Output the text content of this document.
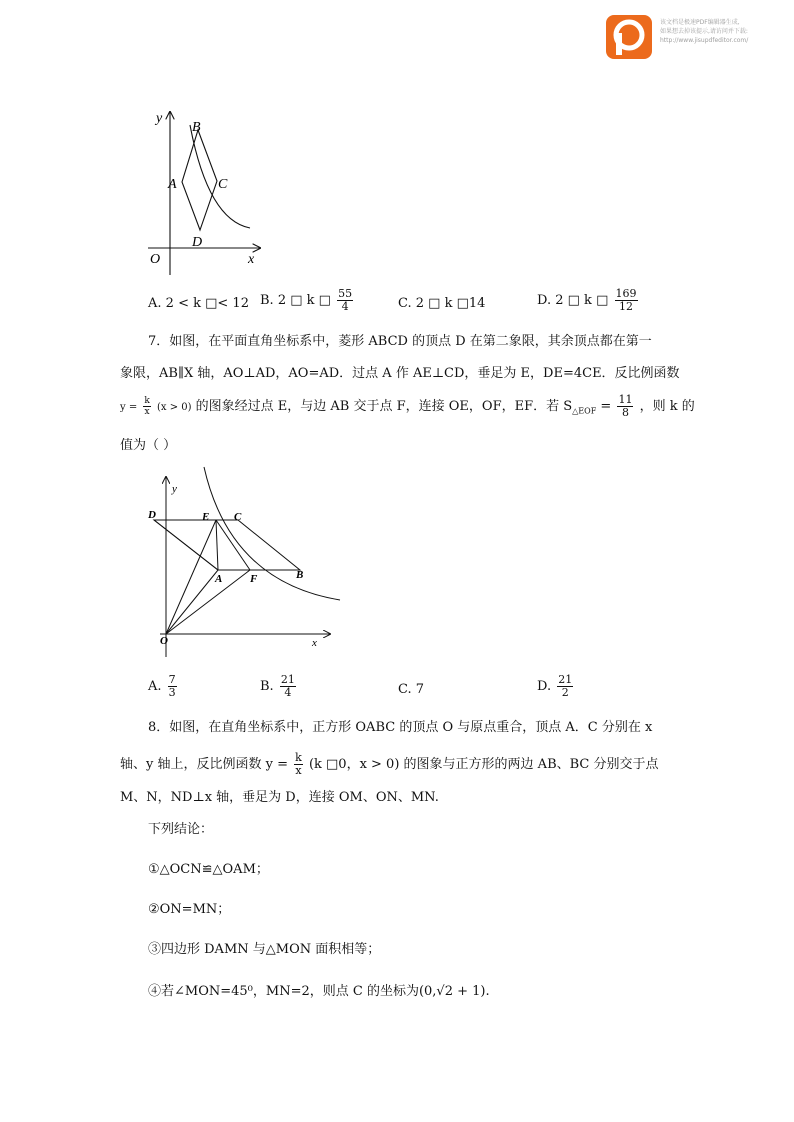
该文档是极速PDF编辑器生成,
如果想去掉该提示,请访问并下载:
http://www.jisupdfeditor.com/
y
B
A	C
D
O	x
A. 2 < k □< 12 B. 2 □ k □ $\frac{55}{4}$	C. 2 □ k □14	D. 2 □ k □ $\frac{169}{12}$
7．如图，在平面直角坐标系中，菱形 ABCD 的顶点 D 在第二象限，其余顶点都在第一
象限，AB∥X 轴，AO⊥AD，AO=AD．过点 A 作 AE⊥CD，垂足为 E，DE=4CE．反比例函数
$y = \frac{k}{x} (x > 0)$ 的图象经过点 E，与边 AB 交于点 F，连接 OE，OF，EF．若 $S_{\triangle EOF} = \frac{11}{8}$ ，则 k 的
值为（ ）
y
D	E C
A	F	B
O	x
A. $\frac{7}{3}$	B. $\frac{21}{4}$	C. 7	D. $\frac{21}{2}$
8．如图，在直角坐标系中，正方形 OABC 的顶点 O 与原点重合，顶点 A．C 分别在 x
轴、y 轴上，反比例函数 $y = \frac{k}{x} (k$ □0，x > 0) 的图象与正方形的两边 AB、BC 分别交于点
M、N，ND⊥x 轴，垂足为 D，连接 OM、ON、MN.
下列结论：
①△OCN≌△OAM；
②ON=MN；
③四边形 DAMN 与△MON 面积相等；
④若∠MON=45⁰，MN=2，则点 C 的坐标为(0,√2 + 1).
